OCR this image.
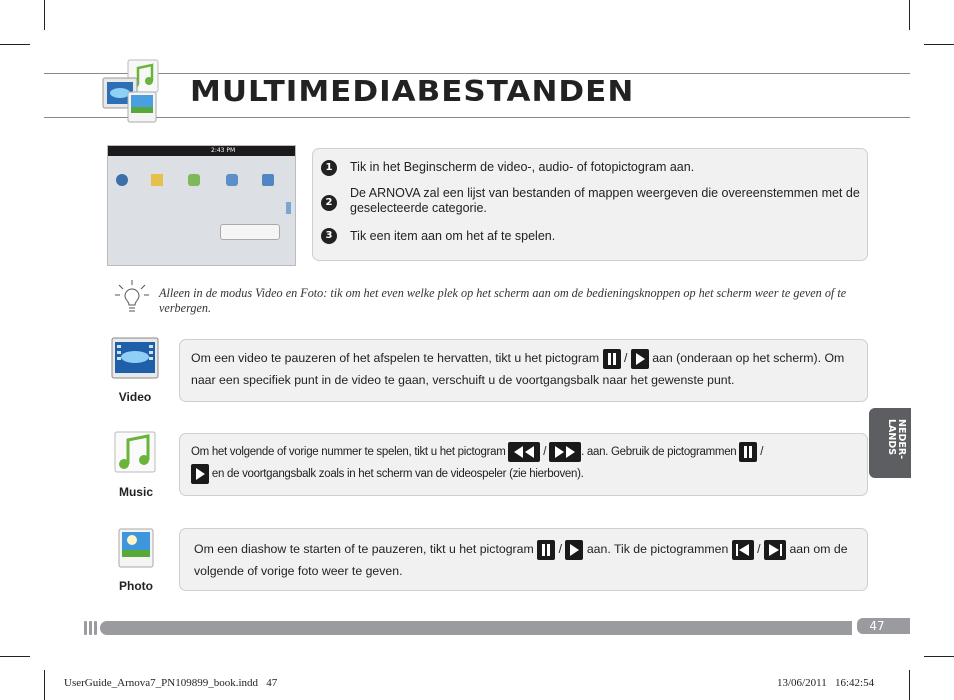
MULTIMEDIABESTANDEN
2:43 PM
1	Tik in het Beginscherm de video-, audio- of fotopictogram aan.
2
De ARNOVA zal een lijst van bestanden of mappen weergeven die overeenstemmen met de geselecteerde categorie.
3	Tik een item aan om het af te spelen.
Alleen in de modus Video en Foto: tik om het even welke plek op het scherm aan om de bedieningsknoppen op het scherm weer te geven of te verbergen.
Video
Om een video te pauzeren of het afspelen te hervatten, tikt u het pictogram / aan (onderaan op het scherm). Om naar een specifiek punt in de video te gaan, verschuift u de voortgangsbalk naar het gewenste punt.
Music
Om het volgende of vorige nummer te spelen, tikt u het pictogram	/	. aan. Gebruik de pictogrammen /

en de voortgangsbalk zoals in het scherm van de videospeler (zie hierboven).
Photo
Om een diashow te starten of te pauzeren, tikt u het pictogram / aan. Tik de pictogrammen / aan om de volgende of vorige foto weer te geven.
NEDER-
LANDS
47
UserGuide_Arnova7_PN109899_book.indd   47	13/06/2011   16:42:54
